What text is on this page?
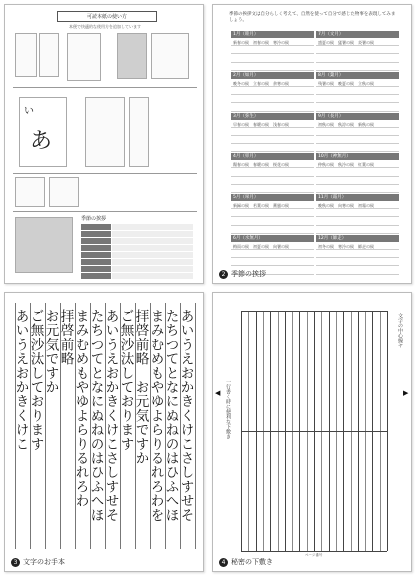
可読本紙の使い方
本便で快適的な使用方を追加しています
い
あ
季節の挨拶
季節の挨拶文は自分らしく考えて、自然を使って自分で感じた物事を表現してみましょう。
1月（睦月）	7月（文月）
新春の候　初春の候　寒冷の候	盛夏の候　猛暑の候　炎暑の候
2月（如月）	8月（葉月）
晩冬の候　立春の候　余寒の候	残暑の候　晩夏の候　立秋の候
3月（弥生）	9月（長月）
早春の候　春暖の候　浅春の候	初秋の候　秋涼の候　新秋の候
4月（卯月）	10月（神無月）
陽春の候　春暖の候　桜花の候	仲秋の候　秋冷の候　紅葉の候
5月（皐月）	11月（霜月）
新緑の候　若葉の候　薫風の候	晩秋の候　向寒の候　初霜の候
6月（水無月）	12月（師走）
梅雨の候　初夏の候　向暑の候	初冬の候　寒冷の候　師走の候
2 季節の挨拶
あいうえおかきくけこさしすせそ
たちつてとなにぬねのはひふへほ
まみむめもやゆよらりるれろわを
拝啓前略　お元気ですか
ご無沙汰しております
あいうえおかきくけこさしすせそ
たちつてとなにぬねのはひふへほ
まみむめもやゆよらりるれろわ
拝啓前略
お元気ですか
ご無沙汰しております
あいうえおかきくけこ
3 文字のお手本
文字の中心線ヤ
一行書く時に便利な下敷き
◀	▶
ページ番号
4 秘密の下敷き
